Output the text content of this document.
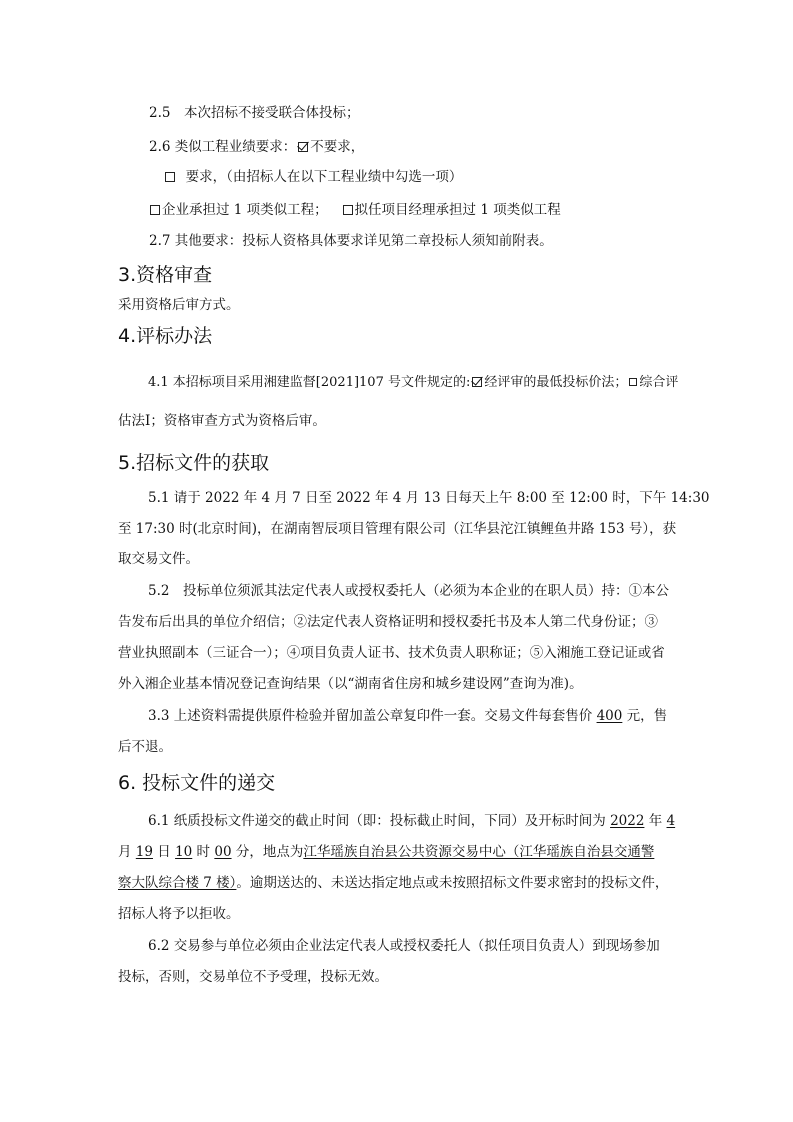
2.5　本次招标不接受联合体投标；
2.6 类似工程业绩要求： 不要求，
要求，（由招标人在以下工程业绩中勾选一项）
企业承担过 1 项类似工程； 拟任项目经理承担过 1 项类似工程
2.7 其他要求：投标人资格具体要求详见第二章投标人须知前附表。
3.资格审查
采用资格后审方式。
4.评标办法
4.1 本招标项目采用湘建监督[2021]107 号文件规定的: 经评审的最低投标价法； 综合评
估法Ⅰ；资格审查方式为资格后审。
5.招标文件的获取
5.1 请于 2022 年 4 月 7 日至 2022 年 4 月 13 日每天上午 8:00 至 12:00 时，下午 14:30
至 17:30 时(北京时间)，在湖南智辰项目管理有限公司（江华县沱江镇鲤鱼井路 153 号），获
取交易文件。
5.2　投标单位须派其法定代表人或授权委托人（必须为本企业的在职人员）持：①本公
告发布后出具的单位介绍信；②法定代表人资格证明和授权委托书及本人第二代身份证；③
营业执照副本（三证合一）；④项目负责人证书、技术负责人职称证；⑤入湘施工登记证或省
外入湘企业基本情况登记查询结果（以“湖南省住房和城乡建设网”查询为准)。
3.3 上述资料需提供原件检验并留加盖公章复印件一套。交易文件每套售价 400 元，售
后不退。
6. 投标文件的递交
6.1 纸质投标文件递交的截止时间（即：投标截止时间，下同）及开标时间为 2022 年 4
月 19 日 10 时 00 分，地点为江华瑶族自治县公共资源交易中心（江华瑶族自治县交通警
察大队综合楼 7 楼）。逾期送达的、未送达指定地点或未按照招标文件要求密封的投标文件，
招标人将予以拒收。
6.2 交易参与单位必须由企业法定代表人或授权委托人（拟任项目负责人）到现场参加
投标，否则，交易单位不予受理，投标无效。
